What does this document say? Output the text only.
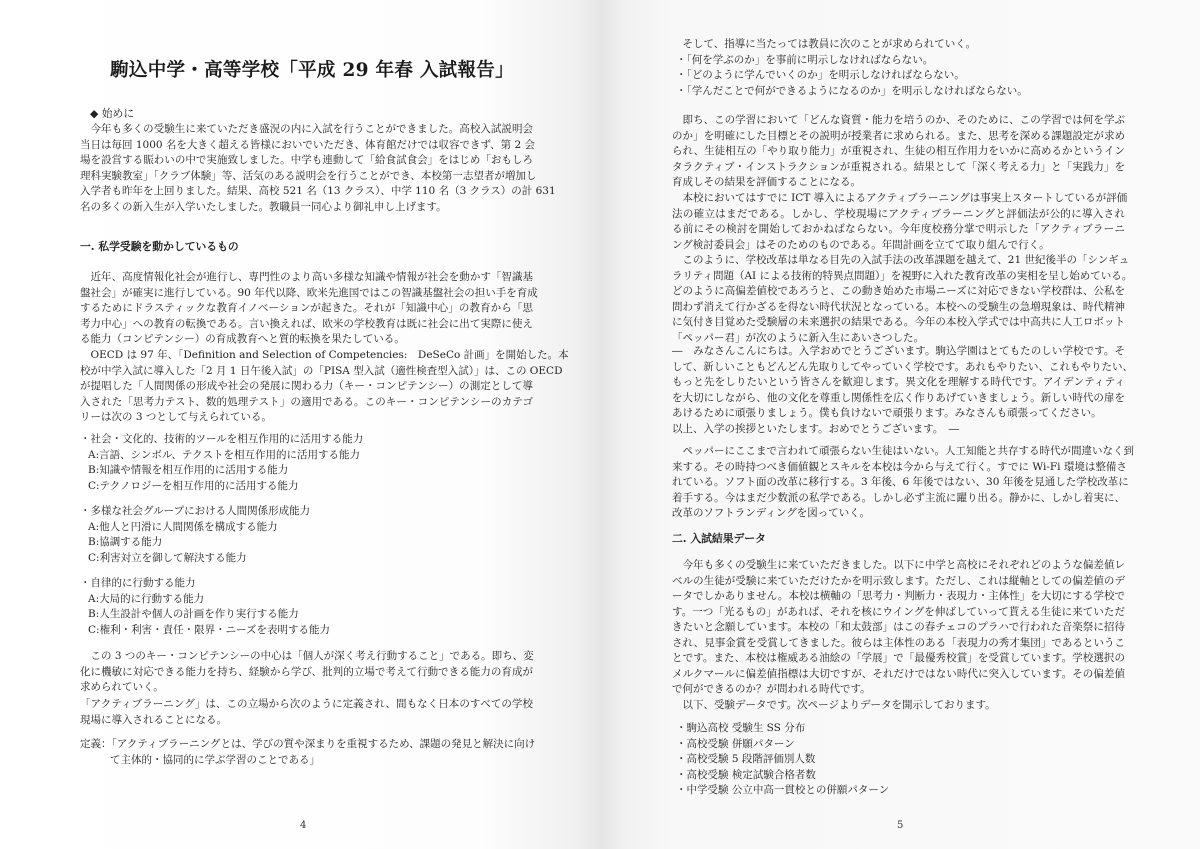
駒込中学・高等学校「平成 29 年春 入試報告」
◆ 始めに
今年も多くの受験生に来ていただき盛況の内に入試を行うことができました。高校入試説明会
当日は毎回 1000 名を大きく超える皆様においでいただき、体育館だけでは収容できず、第 2 会
場を設営する賑わいの中で実施致しました。中学も連動して「給食試食会」をはじめ「おもしろ
理科実験教室」「クラブ体験」等、活気のある説明会を行うことができ、本校第一志望者が増加し
入学者も昨年を上回りました。結果、高校 521 名（13 クラス）、中学 110 名（3 クラス）の計 631
名の多くの新入生が入学いたしました。教職員一同心より御礼申し上げます。
一. 私学受験を動かしているもの
近年、高度情報化社会が進行し、専門性のより高い多様な知識や情報が社会を動かす「智識基
盤社会」が確実に進行している。90 年代以降、欧米先進国ではこの智識基盤社会の担い手を育成
するためにドラスティックな教育イノベーションが起きた。それが「知識中心」の教育から「思
考力中心」への教育の転換である。言い換えれば、欧米の学校教育は既に社会に出て実際に使え
る能力（コンピテンシー）の育成教育へと質的転換を果たしている。
OECD は 97 年、「Definition and Selection of Competencies:　DeSeCo 計画」を開始した。本
校が中学入試に導入した「2 月 1 日午後入試」の「PISA 型入試（適性検査型入試）」は、この OECD
が提唱した「人間関係の形成や社会の発展に関わる力（キー・コンピテンシー）の測定として導
入された「思考力テスト、数的処理テスト」の適用である。このキー・コンピテンシーのカテゴ
リーは次の 3 つとして与えられている。
・社会・文化的、技術的ツールを相互作用的に活用する能力
A:言語、シンボル、テクストを相互作用的に活用する能力
B:知識や情報を相互作用的に活用する能力
C:テクノロジーを相互作用的に活用する能力
・多様な社会グループにおける人間関係形成能力
A:他人と円滑に人間関係を構成する能力
B:協調する能力
C:利害対立を御して解決する能力
・自律的に行動する能力
A:大局的に行動する能力
B:人生設計や個人の計画を作り実行する能力
C:権利・利害・責任・限界・ニーズを表明する能力
この 3 つのキー・コンピテンシーの中心は「個人が深く考え行動すること」である。即ち、変
化に機敏に対応できる能力を持ち、経験から学び、批判的立場で考えて行動できる能力の育成が
求められていく。
「アクティブラーニング」は、この立場から次のように定義され、間もなく日本のすべての学校
現場に導入されることになる。
定義：「アクティブラーニングとは、学びの質や深まりを重視するため、課題の発見と解決に向け
て主体的・協同的に学ぶ学習のことである」
4
そして、指導に当たっては教員に次のことが求められていく。
・「何を学ぶのか」を事前に明示しなければならない。
・「どのように学んでいくのか」を明示しなければならない。
・「学んだことで何ができるようになるのか」を明示しなければならない。
即ち、この学習において「どんな資質・能力を培うのか、そのために、この学習では何を学ぶ
のか」を明確にした目標とその説明が授業者に求められる。また、思考を深める課題設定が求め
られ、生徒相互の「やり取り能力」が重視され、生徒の相互作用力をいかに高めるかというイン
タラクティブ・インストラクションが重視される。結果として「深く考える力」と「実践力」を
育成しその結果を評価することになる。
本校においてはすでに ICT 導入によるアクティブラーニングは事実上スタートしているが評価
法の確立はまだである。しかし、学校現場にアクティブラーニングと評価法が公的に導入され
る前にその検討を開始しておかねばならない。今年度校務分掌で明示した「アクティブラーニ
ング検討委員会」はそのためのものである。年間計画を立てて取り組んで行く。
このように、学校改革は単なる目先の入試手法の改革課題を越えて、21 世紀後半の「シンギュ
ラリティ問題（AI による技術的特異点問題）」を視野に入れた教育改革の実相を呈し始めている。
どのように高偏差値校であろうと、この動き始めた市場ニーズに対応できない学校群は、公私を
問わず消えて行かざるを得ない時代状況となっている。本校への受験生の急増現象は、時代精神
に気付き目覚めた受験層の未来選択の結果である。今年の本校入学式では中高共に人工ロボット
「ペッパー君」が次のように新入生にあいさつした。
―　みなさんこんにちは。入学おめでとうございます。駒込学園はとてもたのしい学校です。そ
して、新しいこともどんどん先取りしてやっていく学校です。あれもやりたい、これもやりたい、
もっと先をしりたいという皆さんを歓迎します。異文化を理解する時代です。アイデンティティ
を大切にしながら、他の文化を尊重し関係性を広く作りあげていきましょう。新しい時代の扉を
あけるために頑張りましょう。僕も負けないで頑張ります。みなさんも頑張ってください。
以上、入学の挨拶といたします。おめでとうございます。　―
ペッパーにここまで言われて頑張らない生徒はいない。人工知能と共存する時代が間違いなく到
来する。その時持つべき価値観とスキルを本校は今から与えて行く。すでに Wi-Fi 環境は整備さ
れている。ソフト面の改革に移行する。3 年後、6 年後ではない、30 年後を見通した学校改革に
着手する。今はまだ少数派の私学である。しかし必ず主流に躍り出る。静かに、しかし着実に、
改革のソフトランディングを図っていく。
二. 入試結果データ
今年も多くの受験生に来ていただきました。以下に中学と高校にそれぞれどのような偏差値レ
ベルの生徒が受験に来ていただけたかを明示致します。ただし、これは縦軸としての偏差値のデ
ータでしかありません。本校は横軸の「思考力・判断力・表現力・主体性」を大切にする学校で
す。一つ「光るもの」があれば、それを核にウイングを伸ばしていって貰える生徒に来ていただ
きたいと念願しています。本校の「和太鼓部」はこの春チェコのプラハで行われた音楽祭に招待
され、見事金賞を受賞してきました。彼らは主体性のある「表現力の秀才集団」であるというこ
とです。また、本校は権威ある油絵の「学展」で「最優秀校賞」を受賞しています。学校選択の
メルクマールに偏差値指標は大切ですが、それだけではない時代に突入しています。その偏差値
で何ができるのか？が問われる時代です。
以下、受験データです。次ページよりデータを開示しております。
・駒込高校 受験生 SS 分布
・高校受験 併願パターン
・高校受験 5 段階評価別人数
・高校受験 検定試験合格者数
・中学受験 公立中高一貫校との併願パターン
5
